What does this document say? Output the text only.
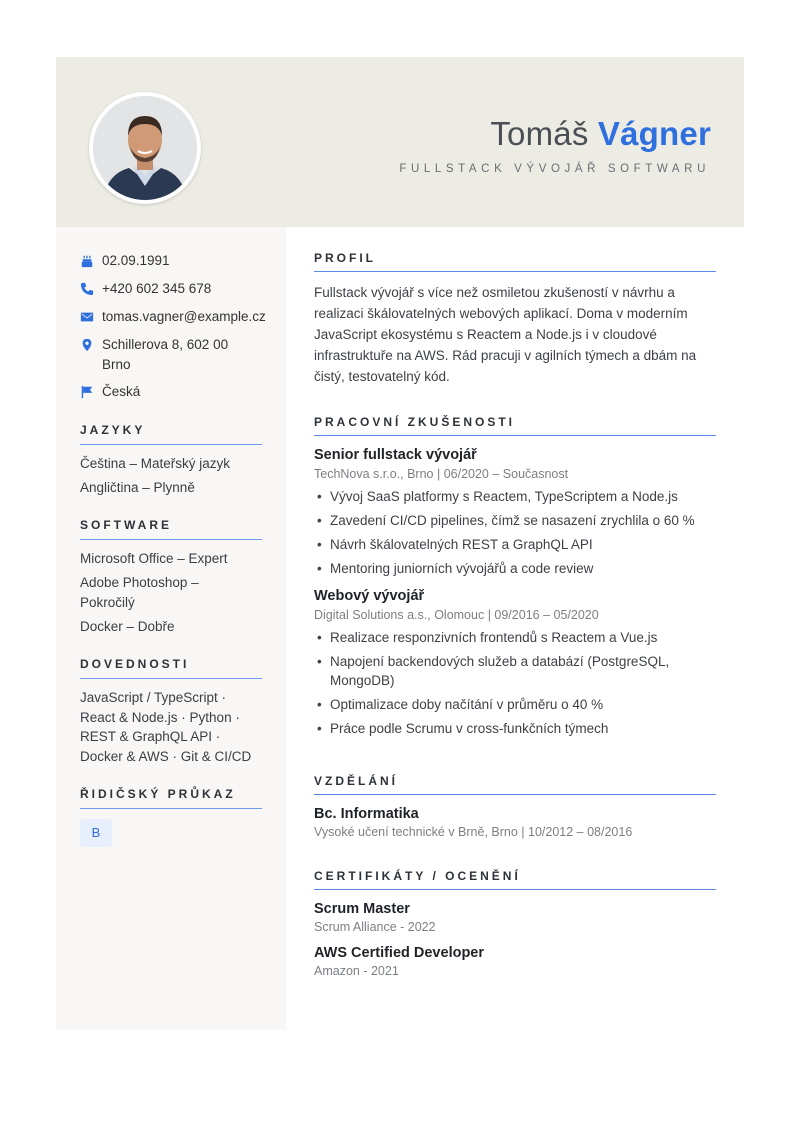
Tomáš Vágner
FULLSTACK VÝVOJÁŘ SOFTWARU
02.09.1991
+420 602 345 678
tomas.vagner@example.cz
Schillerova 8, 602 00
Brno
Česká
JAZYKY
Čeština – Mateřský jazyk
Angličtina – Plynně
SOFTWARE
Microsoft Office – Expert
Adobe Photoshop – Pokročilý
Docker – Dobře
DOVEDNOSTI
JavaScript / TypeScript ·
React & Node.js · Python ·
REST & GraphQL API ·
Docker & AWS · Git & CI/CD
ŘIDIČSKÝ PRŮKAZ
B
PROFIL
Fullstack vývojář s více než osmiletou zkušeností v návrhu a realizaci škálovatelných webových aplikací. Doma v moderním JavaScript ekosystému s Reactem a Node.js i v cloudové infrastruktuře na AWS. Rád pracuji v agilních týmech a dbám na čistý, testovatelný kód.
PRACOVNÍ ZKUŠENOSTI
Senior fullstack vývojář
TechNova s.r.o., Brno | 06/2020 – Současnost
• Vývoj SaaS platformy s Reactem, TypeScriptem a Node.js
• Zavedení CI/CD pipelines, čímž se nasazení zrychlila o 60 %
• Návrh škálovatelných REST a GraphQL API
• Mentoring juniorních vývojářů a code review
Webový vývojář
Digital Solutions a.s., Olomouc | 09/2016 – 05/2020
• Realizace responzivních frontendů s Reactem a Vue.js
• Napojení backendových služeb a databází (PostgreSQL, MongoDB)
• Optimalizace doby načítání v průměru o 40 %
• Práce podle Scrumu v cross-funkčních týmech
VZDĚLÁNÍ
Bc. Informatika
Vysoké učení technické v Brně, Brno | 10/2012 – 08/2016
CERTIFIKÁTY / OCENĚNÍ
Scrum Master
Scrum Alliance - 2022
AWS Certified Developer
Amazon - 2021
